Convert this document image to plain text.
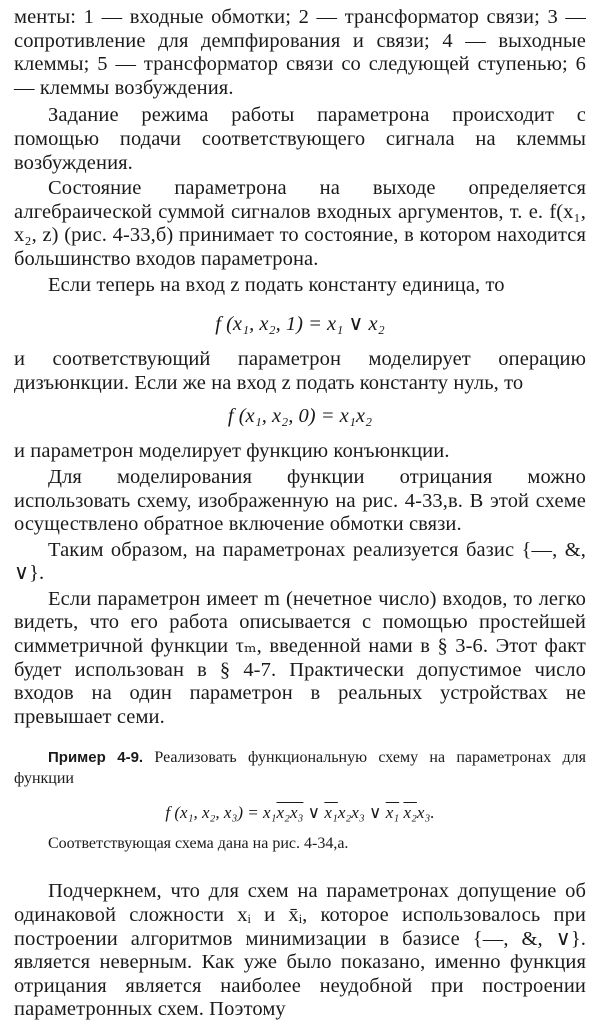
менты: 1 — входные обмотки; 2 — трансформатор связи; 3 — сопротивление для демпфирования и связи; 4 — выходные клеммы; 5 — трансформатор связи со следующей ступенью; 6 — клеммы возбуждения.

Задание режима работы параметрона происходит с помощью подачи соответствующего сигнала на клеммы возбуждения.

Состояние параметрона на выходе определяется алгебраической суммой сигналов входных аргументов, т. е. f(x₁, x₂, z) (рис. 4-33,б) принимает то состояние, в котором находится большинство входов параметрона.

Если теперь на вход z подать константу единица, то

f (x₁, x₂, 1) = x₁ ∨ x₂

и соответствующий параметрон моделирует операцию дизъюнкции. Если же на вход z подать константу нуль, то

f (x₁, x₂, 0) = x₁x₂

и параметрон моделирует функцию конъюнкции.

Для моделирования функции отрицания можно использовать схему, изображенную на рис. 4-33,в. В этой схеме осуществлено обратное включение обмотки связи.

Таким образом, на параметронах реализуется базис {—, &, ∨}.

Если параметрон имеет m (нечетное число) входов, то легко видеть, что его работа описывается с помощью простейшей симметричной функции τₘ, введенной нами в § 3-6. Этот факт будет использован в § 4-7. Практически допустимое число входов на один параметрон в реальных устройствах не превышает семи.

Пример 4-9. Реализовать функциональную схему на параметронах для функции

f (x₁, x₂, x₃) = x₁x₂x₃ ∨ x₁x₂x₃ ∨ x₁ x₂x₃.

Соответствующая схема дана на рис. 4-34,а.

Подчеркнем, что для схем на параметронах допущение об одинаковой сложности xᵢ и x̄ᵢ, которое использовалось при построении алгоритмов минимизации в базисе {—, &, ∨}. является неверным. Как уже было показано, именно функция отрицания является наиболее неудобной при построении параметронных схем. Поэтому
